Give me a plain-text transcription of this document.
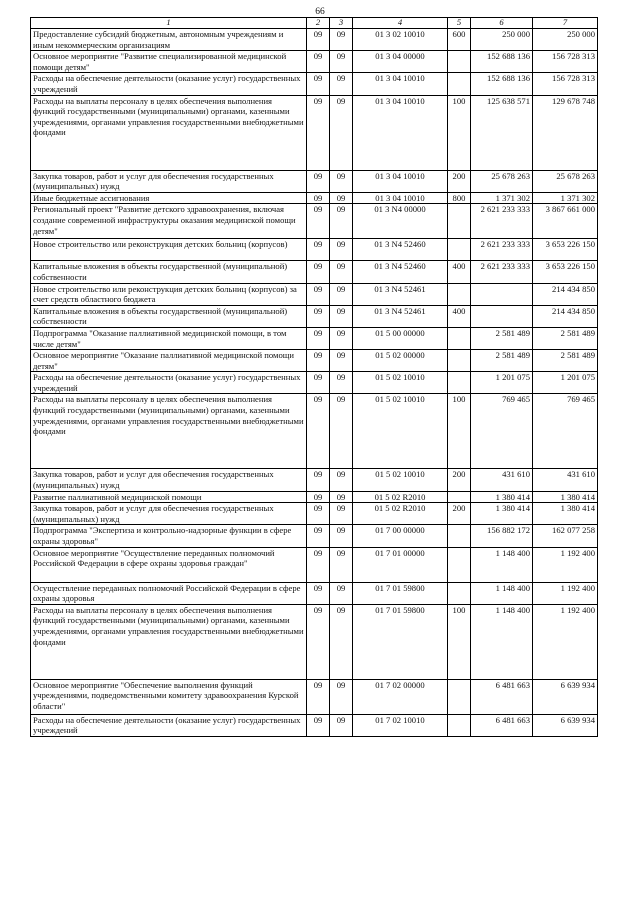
66
1	2	3	4	5	6	7
Предоставление субсидий бюджетным, автономным учреждениям и иным некоммерческим организациям	09	09	01 3 02 10010	600	250 000	250 000
Основное мероприятие "Развитие специализированной медицинской помощи детям"	09	09	01 3 04 00000		152 688 136	156 728 313
Расходы на обеспечение деятельности (оказание услуг) государственных учреждений	09	09	01 3 04 10010		152 688 136	156 728 313
Расходы на выплаты персоналу в целях обеспечения выполнения функций государственными (муниципальными) органами, казенными учреждениями, органами управления государственными внебюджетными фондами	09	09	01 3 04 10010	100	125 638 571	129 678 748
Закупка товаров, работ и услуг для обеспечения государственных (муниципальных) нужд	09	09	01 3 04 10010	200	25 678 263	25 678 263
Иные бюджетные ассигнования	09	09	01 3 04 10010	800	1 371 302	1 371 302
Региональный проект "Развитие детского здравоохранения, включая создание современной инфраструктуры оказания медицинской помощи детям"	09	09	01 3 N4 00000		2 621 233 333	3 867 661 000
Новое строительство или реконструкция детских больниц (корпусов)	09	09	01 3 N4 52460		2 621 233 333	3 653 226 150
Капитальные вложения в объекты государственной (муниципальной) собственности	09	09	01 3 N4 52460	400	2 621 233 333	3 653 226 150
Новое строительство или реконструкция детских больниц (корпусов) за счет средств областного бюджета	09	09	01 3 N4 52461			214 434 850
Капитальные вложения в объекты государственной (муниципальной) собственности	09	09	01 3 N4 52461	400		214 434 850
Подпрограмма "Оказание паллиативной медицинской помощи, в том числе детям"	09	09	01 5 00 00000		2 581 489	2 581 489
Основное мероприятие "Оказание паллиативной медицинской помощи детям"	09	09	01 5 02 00000		2 581 489	2 581 489
Расходы на обеспечение деятельности (оказание услуг) государственных учреждений	09	09	01 5 02 10010		1 201 075	1 201 075
Расходы на выплаты персоналу в целях обеспечения выполнения функций государственными (муниципальными) органами, казенными учреждениями, органами управления государственными внебюджетными фондами	09	09	01 5 02 10010	100	769 465	769 465
Закупка товаров, работ и услуг для обеспечения государственных (муниципальных) нужд	09	09	01 5 02 10010	200	431 610	431 610
Развитие паллиативной медицинской помощи	09	09	01 5 02 R2010		1 380 414	1 380 414
Закупка товаров, работ и услуг для обеспечения государственных (муниципальных) нужд	09	09	01 5 02 R2010	200	1 380 414	1 380 414
Подпрограмма "Экспертиза и контрольно-надзорные функции в сфере охраны здоровья"	09	09	01 7 00 00000		156 882 172	162 077 258
Основное мероприятие "Осуществление переданных полномочий Российской Федерации в сфере охраны здоровья граждан"	09	09	01 7 01 00000		1 148 400	1 192 400
Осуществление переданных полномочий Российской Федерации в сфере охраны здоровья	09	09	01 7 01 59800		1 148 400	1 192 400
Расходы на выплаты персоналу в целях обеспечения выполнения функций государственными (муниципальными) органами, казенными учреждениями, органами управления государственными внебюджетными фондами	09	09	01 7 01 59800	100	1 148 400	1 192 400
Основное мероприятие "Обеспечение выполнения функций учреждениями, подведомственными комитету здравоохранения Курской области"	09	09	01 7 02 00000		6 481 663	6 639 934
Расходы на обеспечение деятельности (оказание услуг) государственных учреждений	09	09	01 7 02 10010		6 481 663	6 639 934
